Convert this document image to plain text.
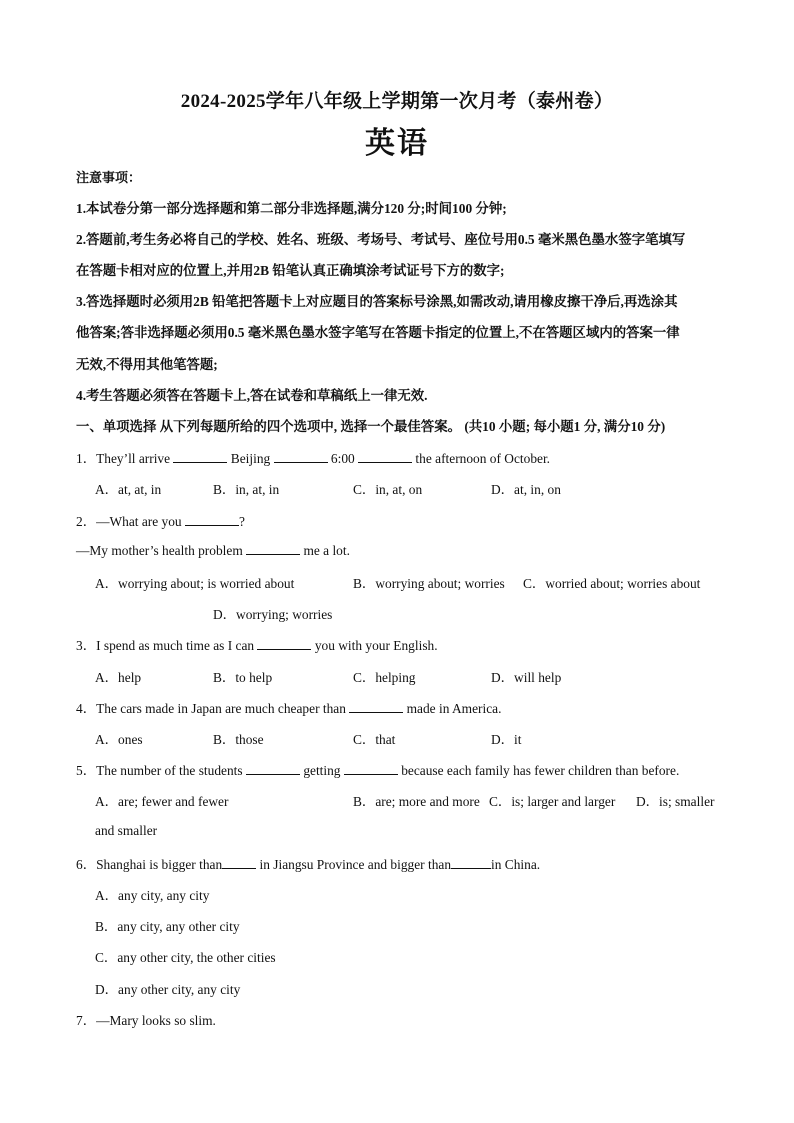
2024-2025学年八年级上学期第一次月考（泰州卷）
英语
注意事项：
1.本试卷分第一部分选择题和第二部分非选择题,满分120 分;时间100 分钟;
2.答题前,考生务必将自己的学校、姓名、班级、考场号、考试号、座位号用0.5 毫米黑色墨水签字笔填写
在答题卡相对应的位置上,并用2B 铅笔认真正确填涂考试证号下方的数字;
3.答选择题时必须用2B 铅笔把答题卡上对应题目的答案标号涂黑,如需改动,请用橡皮擦干净后,再选涂其
他答案;答非选择题必须用0.5 毫米黑色墨水签字笔写在答题卡指定的位置上,不在答题区域内的答案一律
无效,不得用其他笔答题;
4.考生答题必须答在答题卡上,答在试卷和草稿纸上一律无效.
一、单项选择 从下列每题所给的四个选项中, 选择一个最佳答案。 (共10 小题; 每小题1 分, 满分10 分)
1．They’ll arrive	Beijing	6:00	the afternoon of October.
A．at, at, in	B．in, at, in	C．in, at, on	D．at, in, on
2．—What are you	?
—My mother’s health problem	me a lot.
A．worrying about; is worried about	B．worrying about; worries C．worried about; worries about
D．worrying; worries
3．I spend as much time as I can	you with your English.
A．help	B．to help	C．helping	D．will help
4．The cars made in Japan are much cheaper than	made in America.
A．ones	B．those	C．that	D．it
5．The number of the students	getting	because each family has fewer children than before.
A．are; fewer and fewer	B．are; more and more C．is; larger and larger D．is; smaller
and smaller
6．Shanghai is bigger than	in Jiangsu Province and bigger than	in China.
A．any city, any city
B．any city, any other city
C．any other city, the other cities
D．any other city, any city
7．—Mary looks so slim.
